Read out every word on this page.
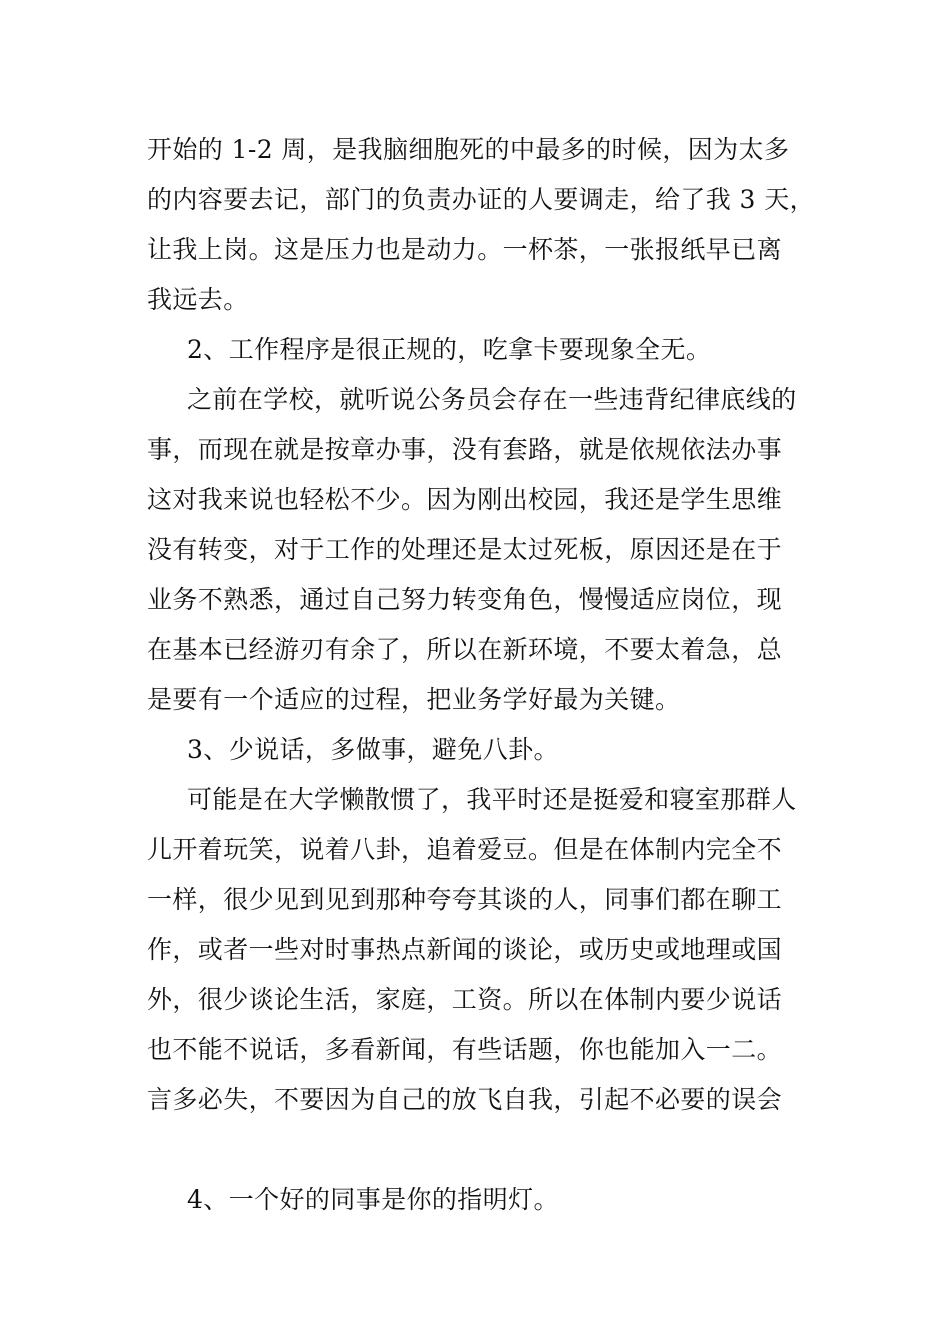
开始的 1-2 周，是我脑细胞死的中最多的时候，因为太多
的内容要去记，部门的负责办证的人要调走，给了我 3 天，
让我上岗。这是压力也是动力。一杯茶，一张报纸早已离
我远去。
2、工作程序是很正规的，吃拿卡要现象全无。
之前在学校，就听说公务员会存在一些违背纪律底线的
事，而现在就是按章办事，没有套路，就是依规依法办事
这对我来说也轻松不少。因为刚出校园，我还是学生思维
没有转变，对于工作的处理还是太过死板，原因还是在于
业务不熟悉，通过自己努力转变角色，慢慢适应岗位，现
在基本已经游刃有余了，所以在新环境，不要太着急，总
是要有一个适应的过程，把业务学好最为关键。
3、少说话，多做事，避免八卦。
可能是在大学懒散惯了，我平时还是挺爱和寝室那群人
儿开着玩笑，说着八卦，追着爱豆。但是在体制内完全不
一样，很少见到见到那种夸夸其谈的人，同事们都在聊工
作，或者一些对时事热点新闻的谈论，或历史或地理或国
外，很少谈论生活，家庭，工资。所以在体制内要少说话
也不能不说话，多看新闻，有些话题，你也能加入一二。
言多必失，不要因为自己的放飞自我，引起不必要的误会
4、一个好的同事是你的指明灯。
